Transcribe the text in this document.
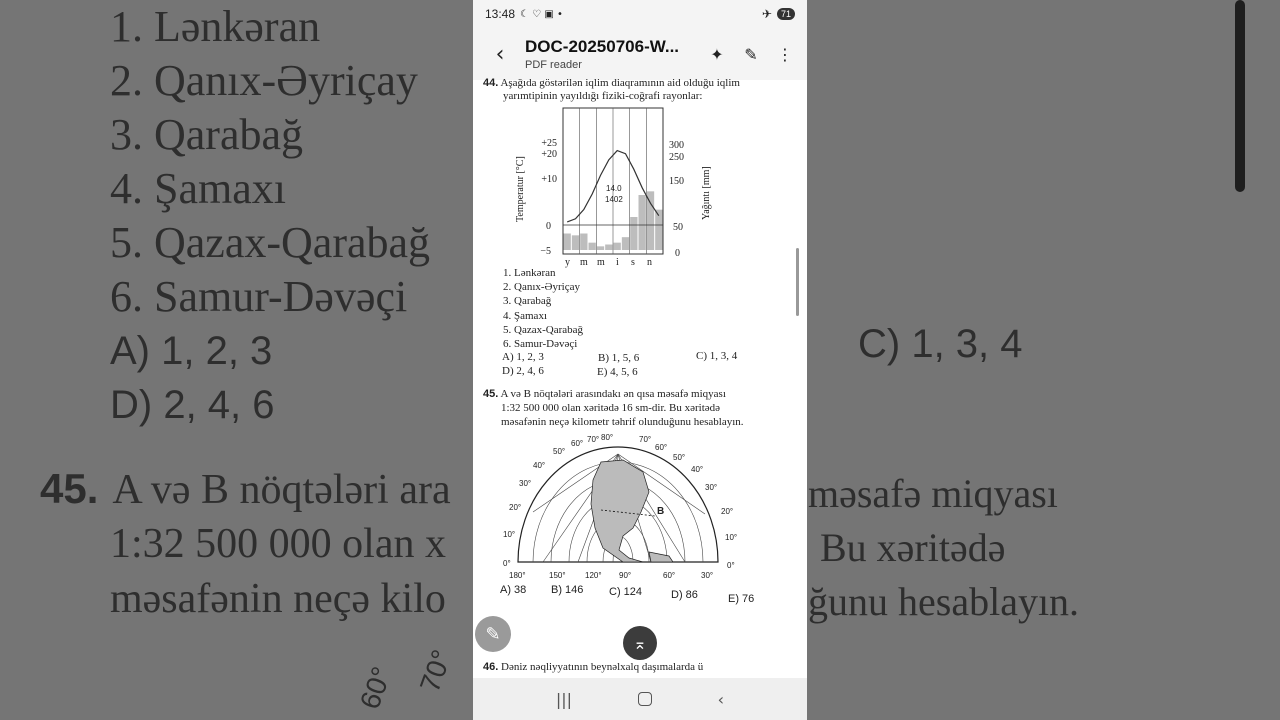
1. Lənkəran
2. Qanıx-Əyriçay
3. Qarabağ
4. Şamaxı
5. Qazax-Qarabağ
6. Samur-Dəvəçi
A) 1, 2, 3
D) 2, 4, 6
C) 1, 3, 4
45. A və B nöqtələri ara
1:32 500 000 olan x
məsafənin neçə kilo
məsafə miqyası
Bu xəritədə
ğunu hesablayın.
60° 70°
13:48 ☾ ♡ ▣ •	✈	71
‹	DOC-20250706-W...
PDF reader
✦ ✎ ⋮
44. Aşağıda göstərilən iqlim diaqramının aid olduğu iqlim
yarımtipinin yayıldığı fiziki-coğrafi rayonlar:
+25
+20
+10
0
−5
300
250
150
50
0
Temperatur [°C]	Yağıntı [mm]
14.0
1402
y m m i s n
1. Lənkəran
2. Qanıx-Əyriçay
3. Qarabağ
4. Şamaxı
5. Qazax-Qarabağ
6. Samur-Dəvəçi
A) 1, 2, 3	B) 1, 5, 6	C) 1, 3, 4
D) 2, 4, 6	E) 4, 5, 6
45. A və B nöqtələri arasındakı ən qısa məsafə miqyası
1:32 500 000 olan xəritədə 16 sm-dir. Bu xəritədə
məsafənin neçə kilometr təhrif olunduğunu hesablayın.
B
0°
10°
20°
30°
40°
50°
60° 70° 80°
180°	150° 120° 90°	60°	30°
0°
10°
20°
30°
40°
50°
60°
70°
A) 38 B) 146 C) 124	D) 86	E) 76
46. Dəniz nəqliyyatının beynəlxalq daşımalarda ü
✎	⌅
|||	‹
